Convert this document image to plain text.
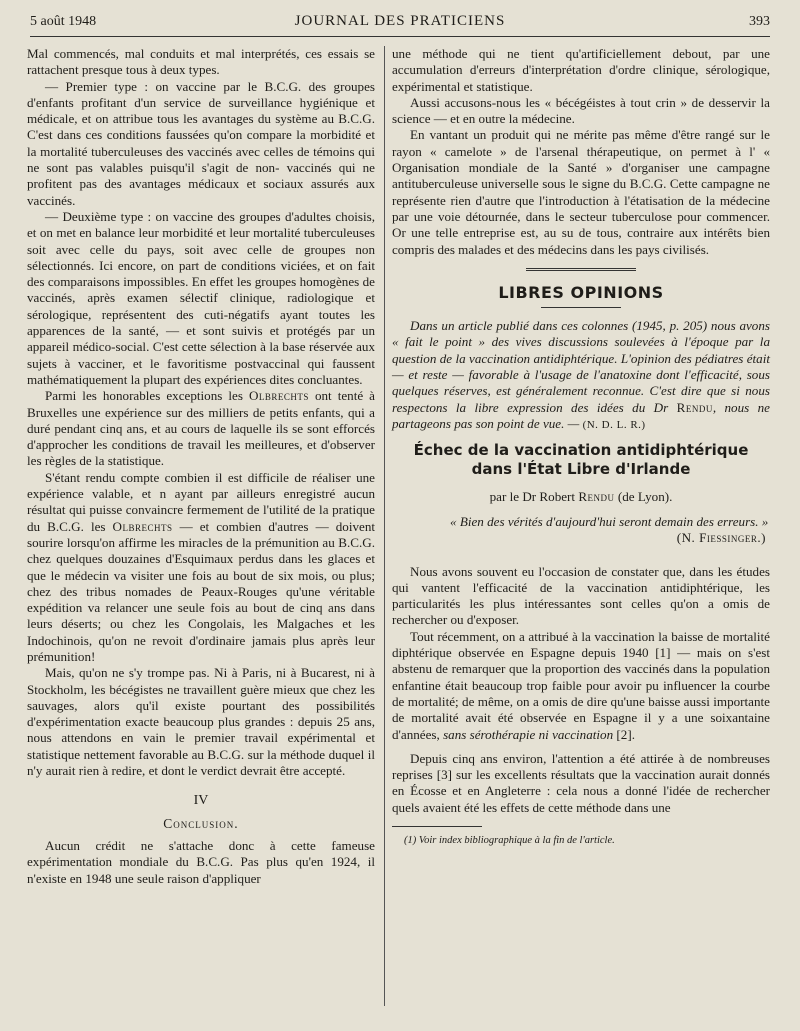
5 août 1948	JOURNAL DES PRATICIENS	393

Mal commencés, mal conduits et mal interprétés, ces essais se rattachent presque tous à deux types.

— Premier type : on vaccine par le B.C.G. des groupes d'enfants profitant d'un service de surveillance hygiénique et médicale, et on attribue tous les avantages du système au B.C.G. C'est dans ces conditions faussées qu'on compare la morbidité et la mortalité tuberculeuses des vaccinés avec celles de témoins qui ne sont pas valables puisqu'il s'agit de non- vaccinés qui ne profitent pas des avantages médicaux et sociaux assurés aux vaccinés.

— Deuxième type : on vaccine des groupes d'adultes choisis, et on met en balance leur morbidité et leur mortalité tuberculeuses soit avec celle du pays, soit avec celle de groupes non sélectionnés. Ici encore, on part de conditions viciées, et on fait des comparaisons impossibles. En effet les groupes homogènes de vaccinés, après examen sélectif clinique, radiologique et sérologique, représentent des cuti-négatifs ayant toutes les apparences de la santé, — et sont suivis et protégés par un appareil médico-social. C'est cette sélection à la base réservée aux sujets à vacciner, et le favoritisme postvaccinal qui faussent mathématiquement la plupart des expériences dites concluantes.

Parmi les honorables exceptions les Olbrechts ont tenté à Bruxelles une expérience sur des milliers de petits enfants, qui a duré pendant cinq ans, et au cours de laquelle ils se sont efforcés d'approcher les conditions de travail les meilleures, et d'observer les règles de la statistique.

S'étant rendu compte combien il est difficile de réaliser une expérience valable, et n ayant par ailleurs enregistré aucun résultat qui puisse convaincre fermement de l'utilité de la pratique du B.C.G. les Olbrechts — et combien d'autres — doivent sourire lorsqu'on affirme les miracles de la prémunition au B.C.G. chez quelques douzaines d'Esquimaux perdus dans les glaces et que le médecin va visiter une fois au bout de six mois, ou plus; chez des tribus nomades de Peaux-Rouges qu'une véritable expédition va relancer une seule fois au bout de cinq ans dans leurs déserts; ou chez les Congolais, les Malgaches et les Indochinois, qu'on ne revoit d'ordinaire jamais plus après leur prémunition!

Mais, qu'on ne s'y trompe pas. Ni à Paris, ni à Bucarest, ni à Stockholm, les bécégistes ne travaillent guère mieux que chez les sauvages, alors qu'il existe pourtant des possibilités d'expérimentation exacte beaucoup plus grandes : depuis 25 ans, nous attendons en vain le premier travail expérimental et statistique nettement favorable au B.C.G. sur la méthode duquel il n'y aurait rien à redire, et dont le verdict devrait être accepté.

IV
Conclusion.

Aucun crédit ne s'attache donc à cette fameuse expérimentation mondiale du B.C.G. Pas plus qu'en 1924, il n'existe en 1948 une seule raison d'appliquer

une méthode qui ne tient qu'artificiellement debout, par une accumulation d'erreurs d'interprétation d'ordre clinique, sérologique, expérimental et statistique.

Aussi accusons-nous les « bécégéistes à tout crin » de desservir la science — et en outre la médecine.

En vantant un produit qui ne mérite pas même d'être rangé sur le rayon « camelote » de l'arsenal thérapeutique, on permet à l' « Organisation mondiale de la Santé » d'organiser une campagne antituberculeuse universelle sous le signe du B.C.G. Cette campagne ne représente rien d'autre que l'introduction à l'étatisation de la médecine par une voie détournée, dans le secteur tuberculose pour commencer. Or une telle entreprise est, au su de tous, contraire aux intérêts bien compris des malades et des médecins dans les pays civilisés.

LIBRES OPINIONS

Dans un article publié dans ces colonnes (1945, p. 205) nous avons « fait le point » des vives discussions soulevées à l'époque par la question de la vaccination antidiphtérique. L'opinion des pédiatres était — et reste — favorable à l'usage de l'anatoxine dont l'efficacité, sous quelques réserves, est généralement reconnue. C'est dire que si nous respectons la libre expression des idées du Dr Rendu, nous ne partageons pas son point de vue. — (N. D. L. R.)

Échec de la vaccination antidiphtérique
dans l'État Libre d'Irlande
par le Dr Robert Rendu (de Lyon).
« Bien des vérités d'aujourd'hui seront demain des erreurs. »
(N. Fiessinger.)

Nous avons souvent eu l'occasion de constater que, dans les études qui vantent l'efficacité de la vaccination antidiphtérique, les particularités les plus intéressantes sont celles qu'on a omis de rechercher ou d'exposer.

Tout récemment, on a attribué à la vaccination la baisse de mortalité diphtérique observée en Espagne depuis 1940 [1] — mais on s'est abstenu de remarquer que la proportion des vaccinés dans la population enfantine était beaucoup trop faible pour avoir pu influencer la courbe de mortalité; de même, on a omis de dire qu'une baisse aussi importante de mortalité avait été observée en Espagne il y a une soixantaine d'années, sans sérothérapie ni vaccination [2].

Depuis cinq ans environ, l'attention a été attirée à de nombreuses reprises [3] sur les excellents résultats que la vaccination aurait donnés en Écosse et en Angleterre : cela nous a donné l'idée de rechercher quels avaient été les effets de cette méthode dans une

(1) Voir index bibliographique à la fin de l'article.
